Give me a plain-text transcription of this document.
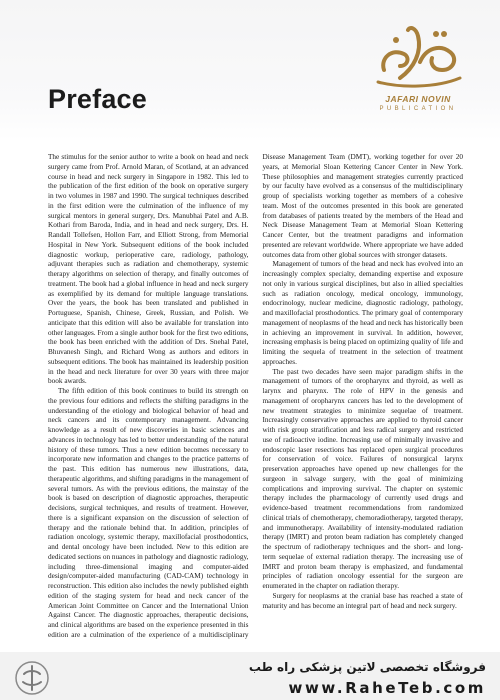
JAFARI NOVIN
PUBLICATION
Preface

The stimulus for the senior author to write a book on head and neck surgery came from Prof. Arnold Maran, of Scotland, at an advanced course in head and neck surgery in Singapore in 1982. This led to the publication of the first edition of the book on operative surgery in two volumes in 1987 and 1990. The surgical techniques described in the first edition were the culmination of the influence of my surgical mentors in general surgery, Drs. Manubhai Patel and A.B. Kothari from Baroda, India, and in head and neck surgery, Drs. H. Randall Tollefsen, Hollon Farr, and Elliott Strong, from Memorial Hospital in New York. Subsequent editions of the book included diagnostic workup, perioperative care, radiology, pathology, adjuvant therapies such as radiation and chemotherapy, systemic therapy algorithms on selection of therapy, and finally outcomes of treatment. The book had a global influence in head and neck surgery as exemplified by its demand for multiple language translations. Over the years, the book has been translated and published in Portuguese, Spanish, Chinese, Greek, Russian, and Polish. We anticipate that this edition will also be available for translation into other languages. From a single author book for the first two editions, the book has been enriched with the addition of Drs. Snehal Patel, Bhuvanesh Singh, and Richard Wong as authors and editors in subsequent editions. The book has maintained its leadership position in the head and neck literature for over 30 years with three major book awards.

The fifth edition of this book continues to build its strength on the previous four editions and reflects the shifting paradigms in the understanding of the etiology and biological behavior of head and neck cancers and its contemporary management. Advancing knowledge as a result of new discoveries in basic sciences and advances in technology has led to better understanding of the natural history of these tumors. Thus a new edition becomes necessary to incorporate new information and changes to the practice patterns of the past. This edition has numerous new illustrations, data, therapeutic algorithms, and shifting paradigms in the management of several tumors. As with the previous editions, the mainstay of the book is based on description of diagnostic approaches, therapeutic decisions, surgical techniques, and results of treatment. However, there is a significant expansion on the discussion of selection of therapy and the rationale behind that. In addition, principles of radiation oncology, systemic therapy, maxillofacial prosthodontics, and dental oncology have been included. New to this edition are dedicated sections on nuances in pathology and diagnostic radiology, including three-dimensional imaging and computer-aided design/computer-aided manufacturing (CAD-CAM) technology in reconstruction. This edition also includes the newly published eighth edition of the staging system for head and neck cancer of the American Joint Committee on Cancer and the International Union Against Cancer. The diagnostic approaches, therapeutic decisions, and clinical algorithms are based on the experience presented in this edition are a culmination of the experience of a multidisciplinary Disease Management Team (DMT), working together for over 20 years, at Memorial Sloan Kettering Cancer Center in New York. These philosophies and management strategies currently practiced by our faculty have evolved as a consensus of the multidisciplinary group of specialists working together as members of a cohesive team. Most of the outcomes presented in this book are generated from databases of patients treated by the members of the Head and Neck Disease Management Team at Memorial Sloan Kettering Cancer Center, but the treatment paradigms and information presented are relevant worldwide. Where appropriate we have added outcomes data from other global sources with stronger datasets.

Management of tumors of the head and neck has evolved into an increasingly complex specialty, demanding expertise and exposure not only in various surgical disciplines, but also in allied specialties such as radiation oncology, medical oncology, immunology, endocrinology, nuclear medicine, diagnostic radiology, pathology, and maxillofacial prosthodontics. The primary goal of contemporary management of neoplasms of the head and neck has historically been in achieving an improvement in survival. In addition, however, increasing emphasis is being placed on optimizing quality of life and limiting the sequela of treatment in the selection of treatment approaches.

The past two decades have seen major paradigm shifts in the management of tumors of the oropharynx and thyroid, as well as larynx and pharynx. The role of HPV in the genesis and management of oropharynx cancers has led to the development of new treatment strategies to minimize sequelae of treatment. Increasingly conservative approaches are applied to thyroid cancer with risk group stratification and less radical surgery and restricted use of radioactive iodine. Increasing use of minimally invasive and endoscopic laser resections has replaced open surgical procedures for conservation of voice. Failures of nonsurgical larynx preservation approaches have opened up new challenges for the surgeon in salvage surgery, with the goal of minimizing complications and improving survival. The chapter on systemic therapy includes the pharmacology of currently used drugs and evidence-based treatment recommendations from randomized clinical trials of chemotherapy, chemoradiotherapy, targeted therapy, and immunotherapy. Availability of intensity-modulated radiation therapy (IMRT) and proton beam radiation has completely changed the spectrum of radiotherapy techniques and the short- and long-term sequelae of external radiation therapy. The increasing use of IMRT and proton beam therapy is emphasized, and fundamental principles of radiation oncology essential for the surgeon are enumerated in the chapter on radiation therapy.

Surgery for neoplasms at the cranial base has reached a state of maturity and has become an integral part of head and neck surgery.

فروشگاه تخصصی لاتین پزشکی راه طب
www.RaheTeb.com
